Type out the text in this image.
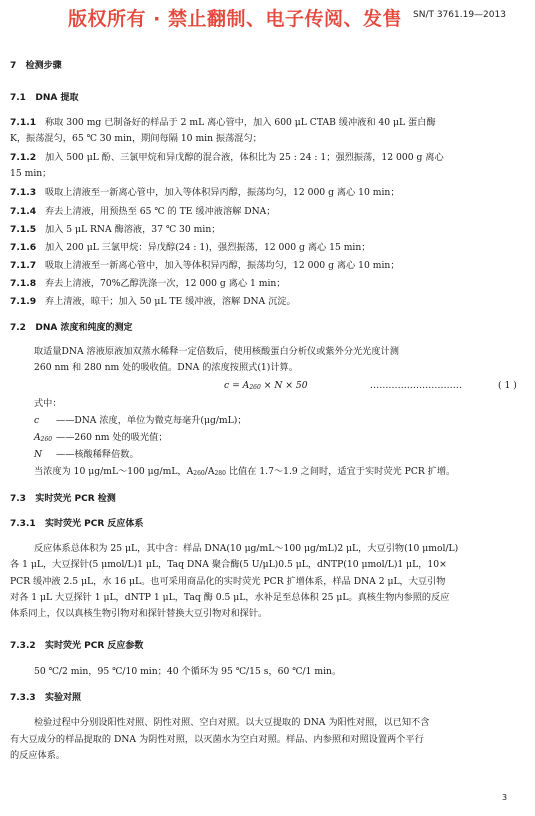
版权所有 · 禁止翻制、电子传阅、发售 SN/T 3761.19—2013
7 检测步骤
7.1 DNA 提取
7.1.1 称取 300 mg 已制备好的样品于 2 mL 离心管中，加入 600 μL CTAB 缓冲液和 40 μL 蛋白酶
K，振荡混匀，65 ℃ 30 min，期间每隔 10 min 振荡混匀；
7.1.2 加入 500 μL 酚、三氯甲烷和异戊醇的混合液，体积比为 25 : 24 : 1；强烈振荡，12 000 g 离心
15 min；
7.1.3 吸取上清液至一新离心管中，加入等体积异丙醇，振荡均匀，12 000 g 离心 10 min；
7.1.4 弃去上清液，用预热至 65 ℃ 的 TE 缓冲液溶解 DNA；
7.1.5 加入 5 μL RNA 酶溶液，37 ℃ 30 min；
7.1.6 加入 200 μL 三氯甲烷：异戊醇(24 : 1)，强烈振荡，12 000 g 离心 15 min；
7.1.7 吸取上清液至一新离心管中，加入等体积异丙醇，振荡均匀，12 000 g 离心 10 min；
7.1.8 弃去上清液，70%乙醇洗涤一次，12 000 g 离心 1 min；
7.1.9 弃上清液，晾干；加入 50 μL TE 缓冲液，溶解 DNA 沉淀。
7.2 DNA 浓度和纯度的测定
取适量DNA 溶液原液加双蒸水稀释一定倍数后，使用核酸蛋白分析仪或紫外分光光度计测
260 nm 和 280 nm 处的吸收值。DNA 的浓度按照式(1)计算。
c = A260 × N × 50	…………………………	( 1 )
式中：
c ——DNA 浓度，单位为微克每毫升(μg/mL)；
A260 ——260 nm 处的吸光值；
N ——核酸稀释倍数。
当浓度为 10 μg/mL～100 μg/mL，A260/A280 比值在 1.7～1.9 之间时，适宜于实时荧光 PCR 扩增。
7.3 实时荧光 PCR 检测
7.3.1 实时荧光 PCR 反应体系
反应体系总体积为 25 μL，其中含：样品 DNA(10 μg/mL～100 μg/mL)2 μL，大豆引物(10 μmol/L)
各 1 μL，大豆探针(5 μmol/L)1 μL，Taq DNA 聚合酶(5 U/μL)0.5 μL，dNTP(10 μmol/L)1 μL，10×
PCR 缓冲液 2.5 μL，水 16 μL。也可采用商品化的实时荧光 PCR 扩增体系，样品 DNA 2 μL，大豆引物
对各 1 μL 大豆探针 1 μL，dNTP 1 μL，Taq 酶 0.5 μL，水补足至总体积 25 μL。真核生物内参照的反应
体系同上，仅以真核生物引物对和探针替换大豆引物对和探针。
7.3.2 实时荧光 PCR 反应参数
50 ℃/2 min，95 ℃/10 min；40 个循环为 95 ℃/15 s，60 ℃/1 min。
7.3.3 实验对照
检验过程中分别设阳性对照、阴性对照、空白对照。以大豆提取的 DNA 为阳性对照，以已知不含
有大豆成分的样品提取的 DNA 为阴性对照，以灭菌水为空白对照。样品、内参照和对照设置两个平行
的反应体系。
3
